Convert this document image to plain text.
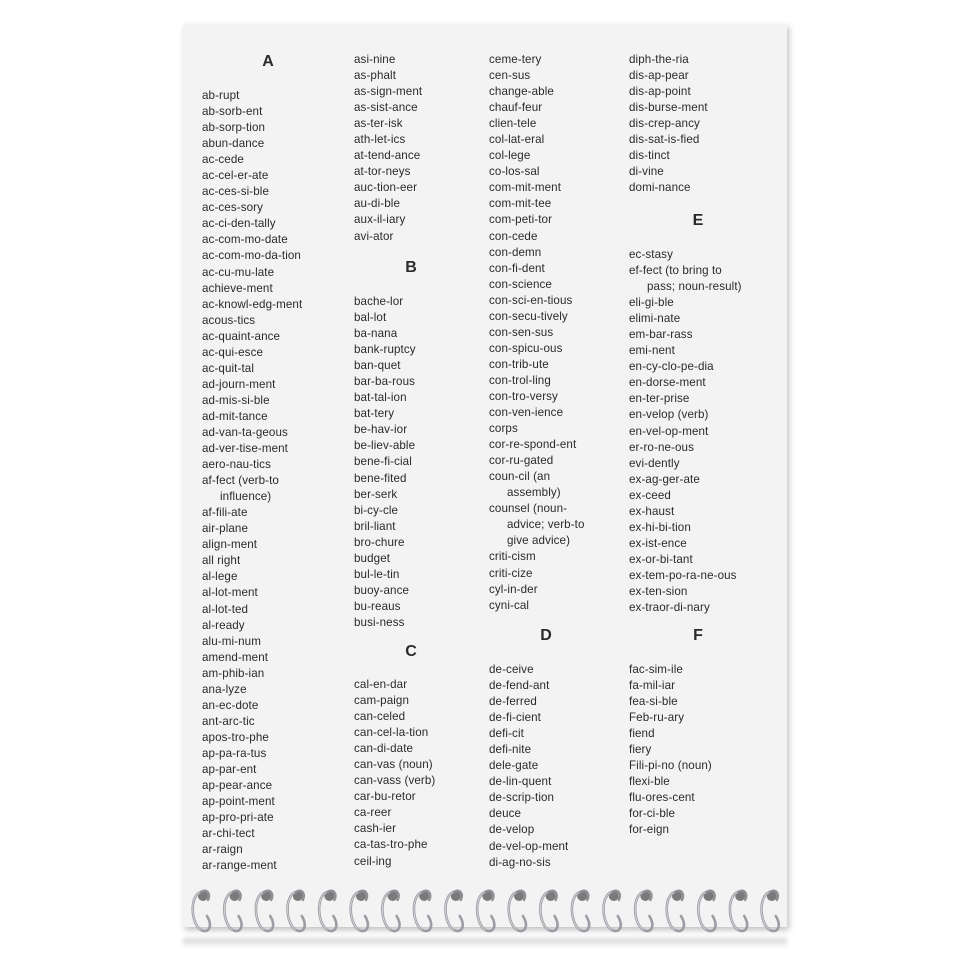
A
ab-rupt
ab-sorb-ent
ab-sorp-tion
abun-dance
ac-cede
ac-cel-er-ate
ac-ces-si-ble
ac-ces-sory
ac-ci-den-tally
ac-com-mo-date
ac-com-mo-da-tion
ac-cu-mu-late
achieve-ment
ac-knowl-edg-ment
acous-tics
ac-quaint-ance
ac-qui-esce
ac-quit-tal
ad-journ-ment
ad-mis-si-ble
ad-mit-tance
ad-van-ta-geous
ad-ver-tise-ment
aero-nau-tics
af-fect (verb-to
influence)
af-fili-ate
air-plane
align-ment
all right
al-lege
al-lot-ment
al-lot-ted
al-ready
alu-mi-num
amend-ment
am-phib-ian
ana-lyze
an-ec-dote
ant-arc-tic
apos-tro-phe
ap-pa-ra-tus
ap-par-ent
ap-pear-ance
ap-point-ment
ap-pro-pri-ate
ar-chi-tect
ar-raign
ar-range-ment
asi-nine
as-phalt
as-sign-ment
as-sist-ance
as-ter-isk
ath-let-ics
at-tend-ance
at-tor-neys
auc-tion-eer
au-di-ble
aux-il-iary
avi-ator
B
bache-lor
bal-lot
ba-nana
bank-ruptcy
ban-quet
bar-ba-rous
bat-tal-ion
bat-tery
be-hav-ior
be-liev-able
bene-fi-cial
bene-fited
ber-serk
bi-cy-cle
bril-liant
bro-chure
budget
bul-le-tin
buoy-ance
bu-reaus
busi-ness
C
cal-en-dar
cam-paign
can-celed
can-cel-la-tion
can-di-date
can-vas (noun)
can-vass (verb)
car-bu-retor
ca-reer
cash-ier
ca-tas-tro-phe
ceil-ing
ceme-tery
cen-sus
change-able
chauf-feur
clien-tele
col-lat-eral
col-lege
co-los-sal
com-mit-ment
com-mit-tee
com-peti-tor
con-cede
con-demn
con-fi-dent
con-science
con-sci-en-tious
con-secu-tively
con-sen-sus
con-spicu-ous
con-trib-ute
con-trol-ling
con-tro-versy
con-ven-ience
corps
cor-re-spond-ent
cor-ru-gated
coun-cil (an
assembly)
counsel (noun-
advice; verb-to
give advice)
criti-cism
criti-cize
cyl-in-der
cyni-cal
D
de-ceive
de-fend-ant
de-ferred
de-fi-cient
defi-cit
defi-nite
dele-gate
de-lin-quent
de-scrip-tion
deuce
de-velop
de-vel-op-ment
di-ag-no-sis
diph-the-ria
dis-ap-pear
dis-ap-point
dis-burse-ment
dis-crep-ancy
dis-sat-is-fied
dis-tinct
di-vine
domi-nance
E
ec-stasy
ef-fect (to bring to
pass; noun-result)
eli-gi-ble
elimi-nate
em-bar-rass
emi-nent
en-cy-clo-pe-dia
en-dorse-ment
en-ter-prise
en-velop (verb)
en-vel-op-ment
er-ro-ne-ous
evi-dently
ex-ag-ger-ate
ex-ceed
ex-haust
ex-hi-bi-tion
ex-ist-ence
ex-or-bi-tant
ex-tem-po-ra-ne-ous
ex-ten-sion
ex-traor-di-nary
F
fac-sim-ile
fa-mil-iar
fea-si-ble
Feb-ru-ary
fiend
fiery
Fili-pi-no (noun)
flexi-ble
flu-ores-cent
for-ci-ble
for-eign
